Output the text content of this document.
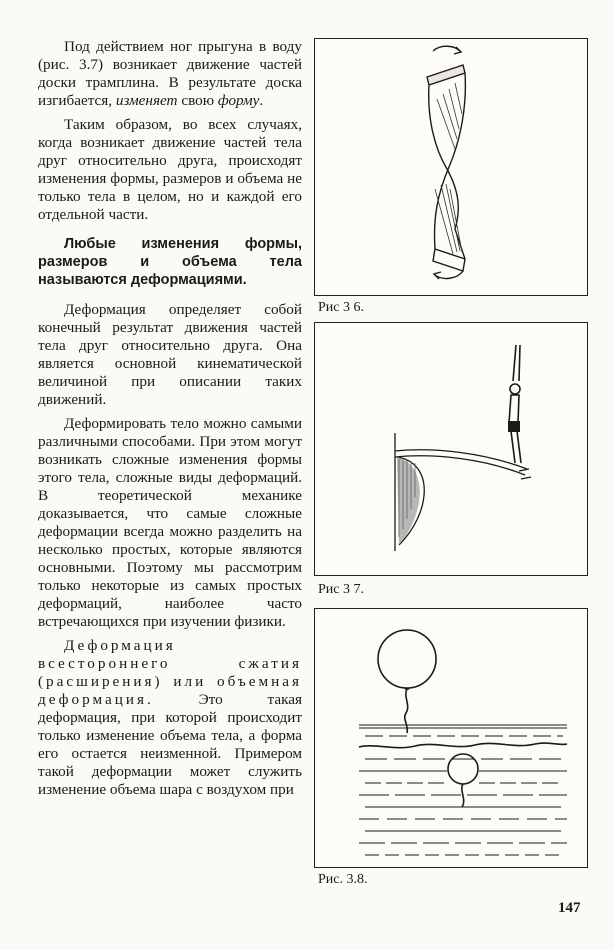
Под действием ног прыгуна в воду (рис. 3.7) возникает движение частей доски трамплина. В результате доска изгибается, изменяет свою форму.

Таким образом, во всех случаях, когда возникает движение частей тела друг относительно друга, происходят изменения формы, размеров и объема не только тела в целом, но и каждой его отдельной части.

Любые изменения формы, размеров и объема тела называются деформациями.

Деформация определяет собой конечный результат движения частей тела друг относительно друга. Она является основной кинематической величиной при описании таких движений.

Деформировать тело можно самыми различными способами. При этом могут возникать сложные изменения формы этого тела, сложные виды деформаций. В теоретической механике доказывается, что самые сложные деформации всегда можно разделить на несколько простых, которые являются основными. Поэтому мы рассмотрим только некоторые из самых простых деформаций, наиболее часто встречающихся при изучении физики.

Деформация всестороннего сжатия (расширения) или объемная деформация.	Это такая деформация, при которой происходит только изменение объема тела, а форма его остается неизменной. Примером такой деформации может служить изменение объема шара с воздухом при

Рис 3 6.
Рис 3 7.
Рис. 3.8.
147
